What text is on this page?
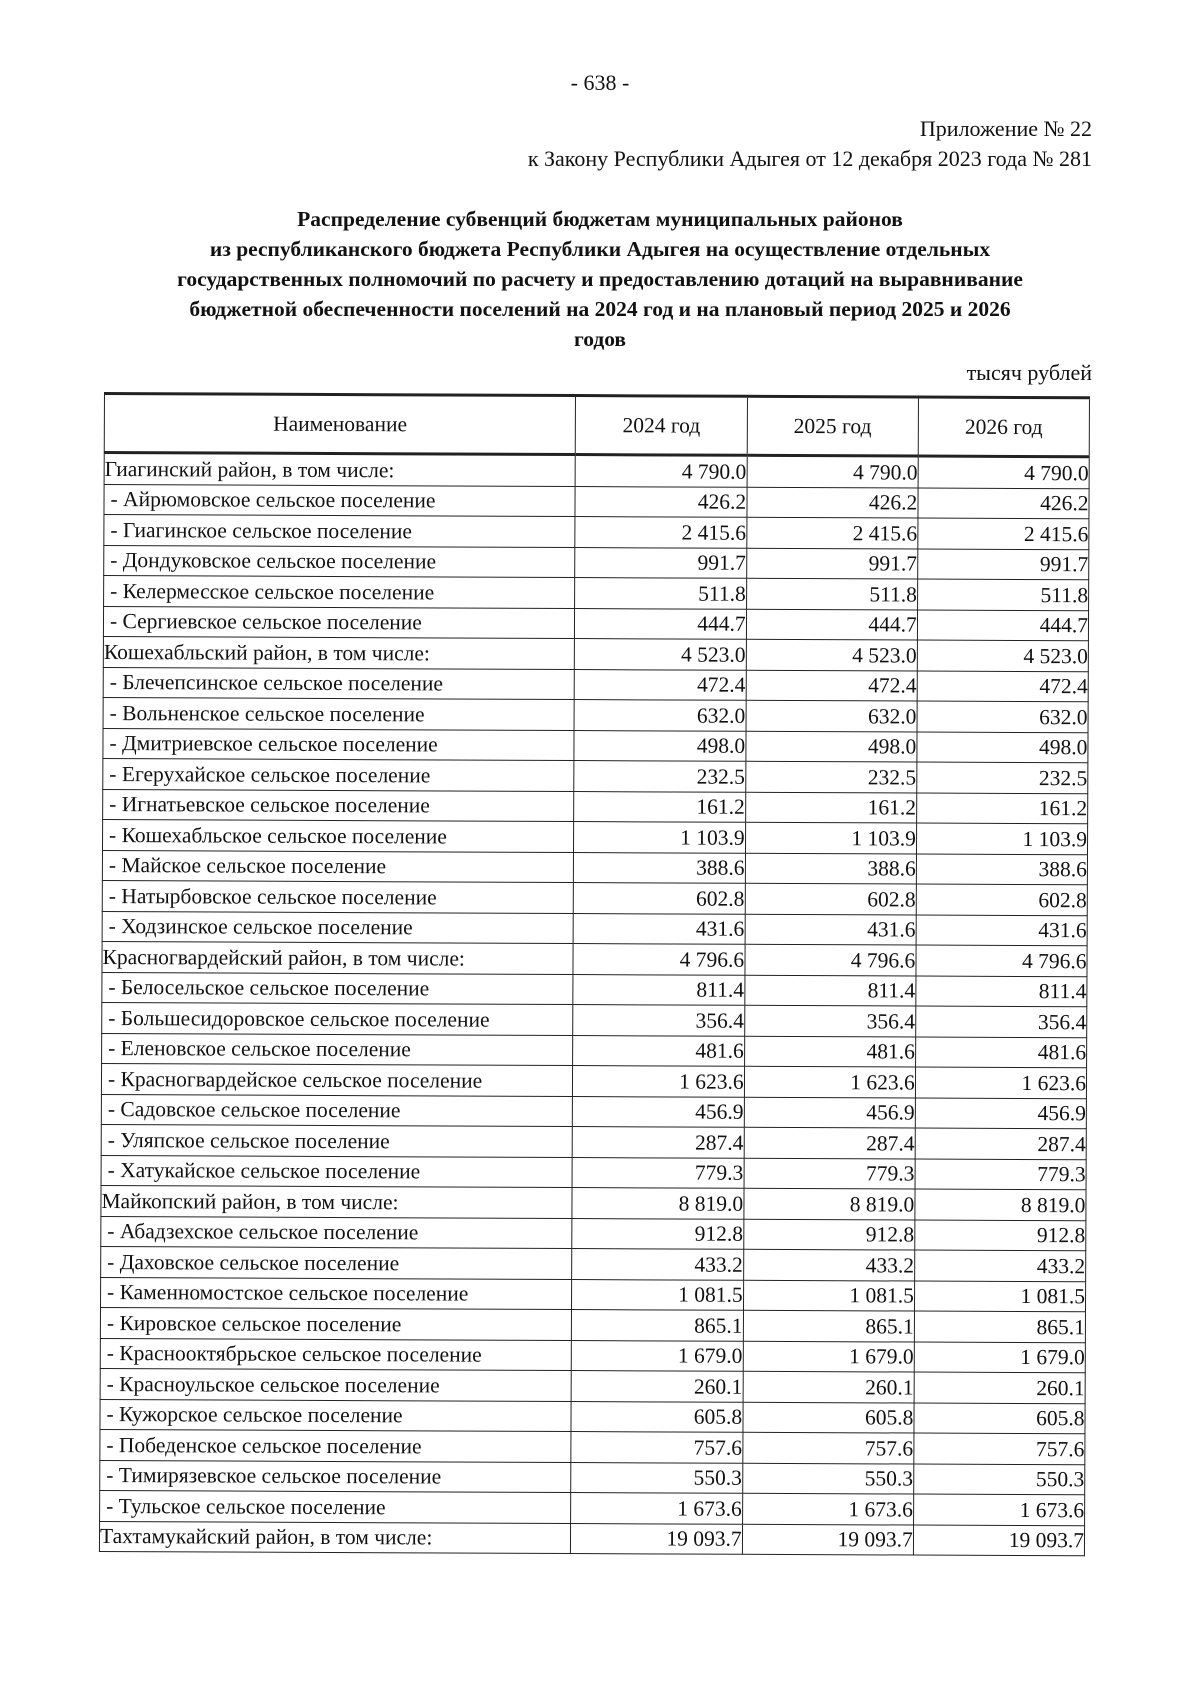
- 638 -
Приложение № 22
к Закону Республики Адыгея от 12 декабря 2023 года № 281
Распределение субвенций бюджетам муниципальных районов
из республиканского бюджета Республики Адыгея на осуществление отдельных
государственных полномочий по расчету и предоставлению дотаций на выравнивание
бюджетной обеспеченности поселений на 2024 год и на плановый период 2025 и 2026
годов
тысяч рублей
Наименование	2024 год	2025 год	2026 год
Гиагинский район, в том числе:	4 790.0	4 790.0	4 790.0
- Айрюмовское сельское поселение	426.2	426.2	426.2
- Гиагинское сельское поселение	2 415.6	2 415.6	2 415.6
- Дондуковское сельское поселение	991.7	991.7	991.7
- Келермесское сельское поселение	511.8	511.8	511.8
- Сергиевское сельское поселение	444.7	444.7	444.7
Кошехабльский район, в том числе:	4 523.0	4 523.0	4 523.0
- Блечепсинское сельское поселение	472.4	472.4	472.4
- Вольненское сельское поселение	632.0	632.0	632.0
- Дмитриевское сельское поселение	498.0	498.0	498.0
- Егерухайское сельское поселение	232.5	232.5	232.5
- Игнатьевское сельское поселение	161.2	161.2	161.2
- Кошехабльское сельское поселение	1 103.9	1 103.9	1 103.9
- Майское сельское поселение	388.6	388.6	388.6
- Натырбовское сельское поселение	602.8	602.8	602.8
- Ходзинское сельское поселение	431.6	431.6	431.6
Красногвардейский район, в том числе:	4 796.6	4 796.6	4 796.6
- Белосельское сельское поселение	811.4	811.4	811.4
- Большесидоровское сельское поселение	356.4	356.4	356.4
- Еленовское сельское поселение	481.6	481.6	481.6
- Красногвардейское сельское поселение	1 623.6	1 623.6	1 623.6
- Садовское сельское поселение	456.9	456.9	456.9
- Уляпское сельское поселение	287.4	287.4	287.4
- Хатукайское сельское поселение	779.3	779.3	779.3
Майкопский район, в том числе:	8 819.0	8 819.0	8 819.0
- Абадзехское сельское поселение	912.8	912.8	912.8
- Даховское сельское поселение	433.2	433.2	433.2
- Каменномостское сельское поселение	1 081.5	1 081.5	1 081.5
- Кировское сельское поселение	865.1	865.1	865.1
- Краснооктябрьское сельское поселение	1 679.0	1 679.0	1 679.0
- Красноульское сельское поселение	260.1	260.1	260.1
- Кужорское сельское поселение	605.8	605.8	605.8
- Победенское сельское поселение	757.6	757.6	757.6
- Тимирязевское сельское поселение	550.3	550.3	550.3
- Тульское сельское поселение	1 673.6	1 673.6	1 673.6
Тахтамукайский район, в том числе:	19 093.7	19 093.7	19 093.7
